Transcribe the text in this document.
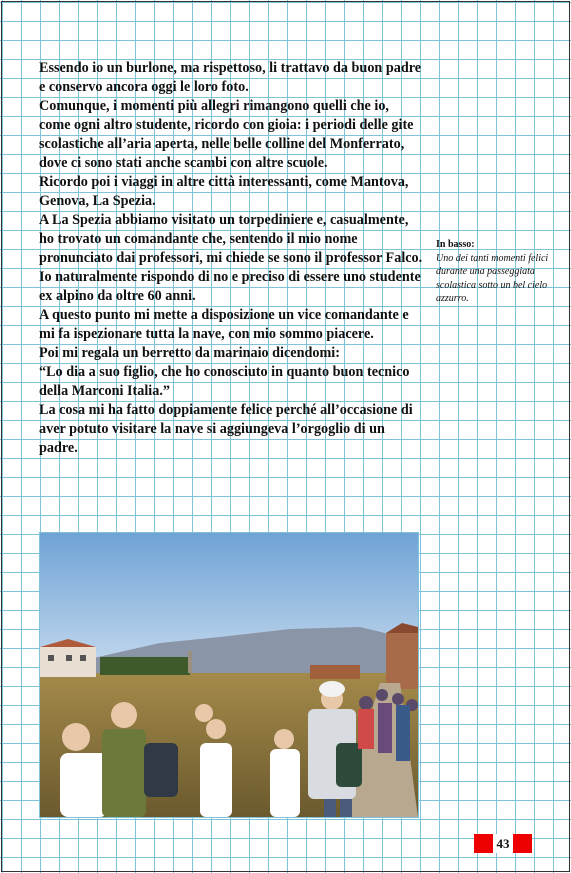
Essendo io un burlone, ma rispettoso, li trattavo da buon padre e conservo ancora oggi le loro foto.

Comunque, i momenti più allegri rimangono quelli che io, come ogni altro studente, ricordo con gioia: i periodi delle gite scolastiche all’aria aperta, nelle belle colline del Monferrato, dove ci sono stati anche scambi con altre scuole.

Ricordo poi i viaggi in altre città interessanti, come Mantova, Genova, La Spezia.

A La Spezia abbiamo visitato un torpediniere e, casualmente, ho trovato un comandante che, sentendo il mio nome pronunciato dai professori, mi chiede se sono il professor Falco.

Io naturalmente rispondo di no e preciso di essere uno studente ex alpino da oltre 60 anni.

A questo punto mi mette a disposizione un vice comandante e mi fa ispezionare tutta la nave, con mio sommo piacere.

Poi mi regala un berretto da marinaio dicendomi:

“Lo dia a suo figlio, che ho conosciuto in quanto buon tecnico della Marconi Italia.”

La cosa mi ha fatto doppiamente felice perché all’occasione di aver potuto visitare la nave si aggiungeva l’orgoglio di un padre.

In basso:
Uno dei tanti momenti felici durante una passeggiata scolastica sotto un bel cielo azzurro.
43
